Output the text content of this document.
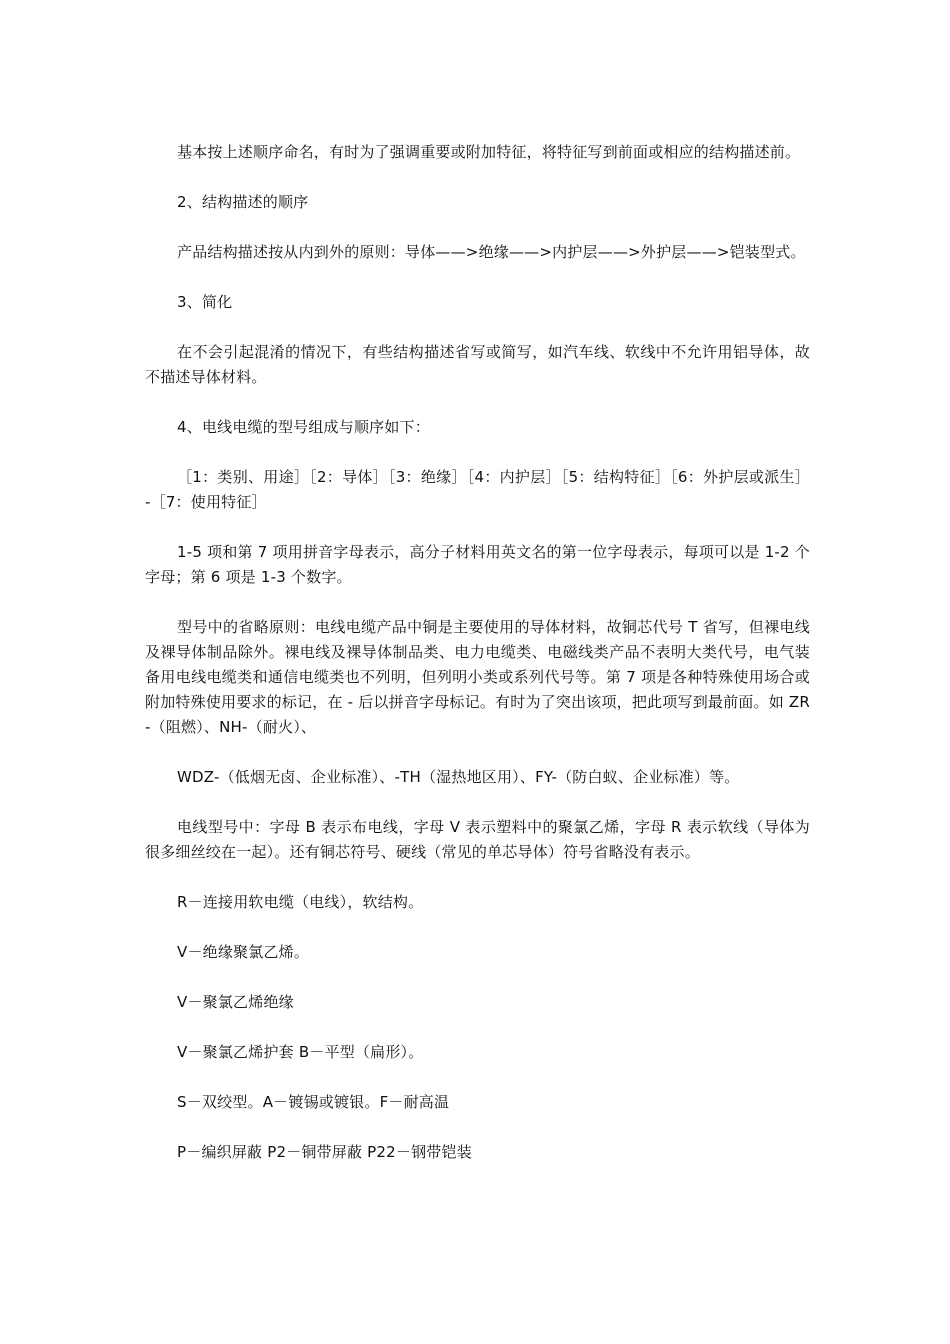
基本按上述顺序命名，有时为了强调重要或附加特征，将特征写到前面或相应的结构描述前。

2、结构描述的顺序

产品结构描述按从内到外的原则：导体——>绝缘——>内护层——>外护层——>铠装型式。

3、简化

在不会引起混淆的情况下，有些结构描述省写或简写，如汽车线、软线中不允许用铝导体，故不描述导体材料。

4、电线电缆的型号组成与顺序如下：

［1：类别、用途］［2：导体］［3：绝缘］［4：内护层］［5：结构特征］［6：外护层或派生］-［7：使用特征］

1-5 项和第 7 项用拼音字母表示，高分子材料用英文名的第一位字母表示，每项可以是 1-2 个字母；第 6 项是 1-3 个数字。

型号中的省略原则：电线电缆产品中铜是主要使用的导体材料，故铜芯代号 T 省写，但裸电线及裸导体制品除外。裸电线及裸导体制品类、电力电缆类、电磁线类产品不表明大类代号，电气装备用电线电缆类和通信电缆类也不列明，但列明小类或系列代号等。第 7 项是各种特殊使用场合或附加特殊使用要求的标记，在 - 后以拼音字母标记。有时为了突出该项，把此项写到最前面。如 ZR-（阻燃）、NH-（耐火）、

WDZ-（低烟无卤、企业标准）、-TH（湿热地区用）、FY-（防白蚁、企业标准）等。

电线型号中：字母 B 表示布电线，字母 V 表示塑料中的聚氯乙烯，字母 R 表示软线（导体为很多细丝绞在一起）。还有铜芯符号、硬线（常见的单芯导体）符号省略没有表示。

R－连接用软电缆（电线），软结构。

V－绝缘聚氯乙烯。

V－聚氯乙烯绝缘

V－聚氯乙烯护套 B－平型（扁形）。

S－双绞型。A－镀锡或镀银。F－耐高温

P－编织屏蔽 P2－铜带屏蔽 P22－钢带铠装
